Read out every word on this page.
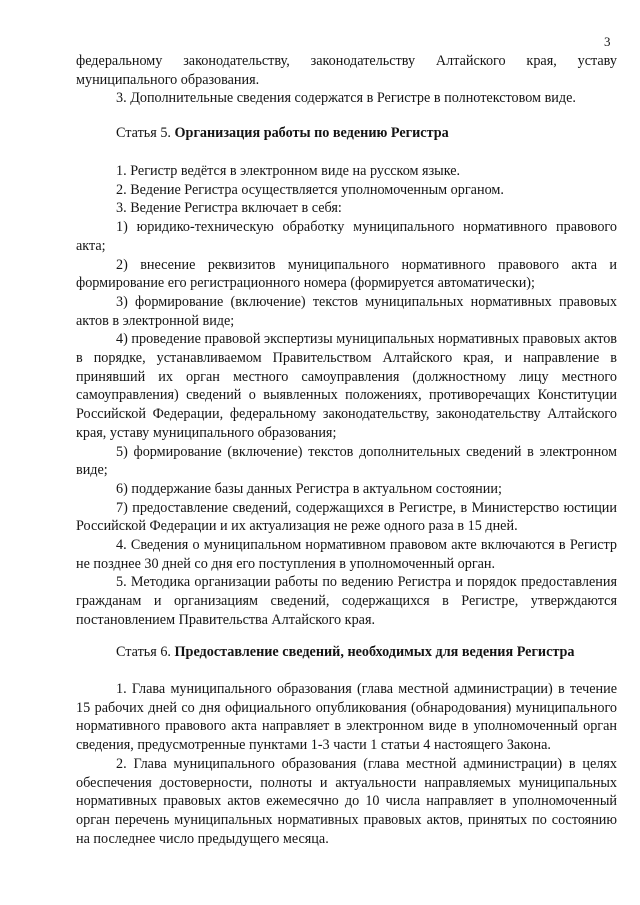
3

федеральному законодательству, законодательству Алтайского края, уставу муниципального образования.

3. Дополнительные сведения содержатся в Регистре в полнотекстовом виде.

Статья 5. Организация работы по ведению Регистра

1. Регистр ведётся в электронном виде на русском языке.

2. Ведение Регистра осуществляется уполномоченным органом.

3. Ведение Регистра включает в себя:

1) юридико-техническую обработку муниципального нормативного правового акта;

2) внесение реквизитов муниципального нормативного правового акта и формирование его регистрационного номера (формируется автоматически);

3) формирование (включение) текстов муниципальных нормативных правовых актов в электронной виде;

4) проведение правовой экспертизы муниципальных нормативных правовых актов в порядке, устанавливаемом Правительством Алтайского края, и направление в принявший их орган местного самоуправления (должностному лицу местного самоуправления) сведений о выявленных положениях, противоречащих Конституции Российской Федерации, федеральному законодательству, законодательству Алтайского края, уставу муниципального образования;

5) формирование (включение) текстов дополнительных сведений в электронном виде;

6) поддержание базы данных Регистра в актуальном состоянии;

7) предоставление сведений, содержащихся в Регистре, в Министерство юстиции Российской Федерации и их актуализация не реже одного раза в 15 дней.

4. Сведения о муниципальном нормативном правовом акте включаются в Регистр не позднее 30 дней со дня его поступления в уполномоченный орган.

5. Методика организации работы по ведению Регистра и порядок предоставления гражданам и организациям сведений, содержащихся в Регистре, утверждаются постановлением Правительства Алтайского края.

Статья 6. Предоставление сведений, необходимых для ведения Регистра

1. Глава муниципального образования (глава местной администрации) в течение 15 рабочих дней со дня официального опубликования (обнародования) муниципального нормативного правового акта направляет в электронном виде в уполномоченный орган сведения, предусмотренные пунктами 1-3 части 1 статьи 4 настоящего Закона.

2. Глава муниципального образования (глава местной администрации) в целях обеспечения достоверности, полноты и актуальности направляемых муниципальных нормативных правовых актов ежемесячно до 10 числа направляет в уполномоченный орган перечень муниципальных нормативных правовых актов, принятых по состоянию на последнее число предыдущего месяца.
